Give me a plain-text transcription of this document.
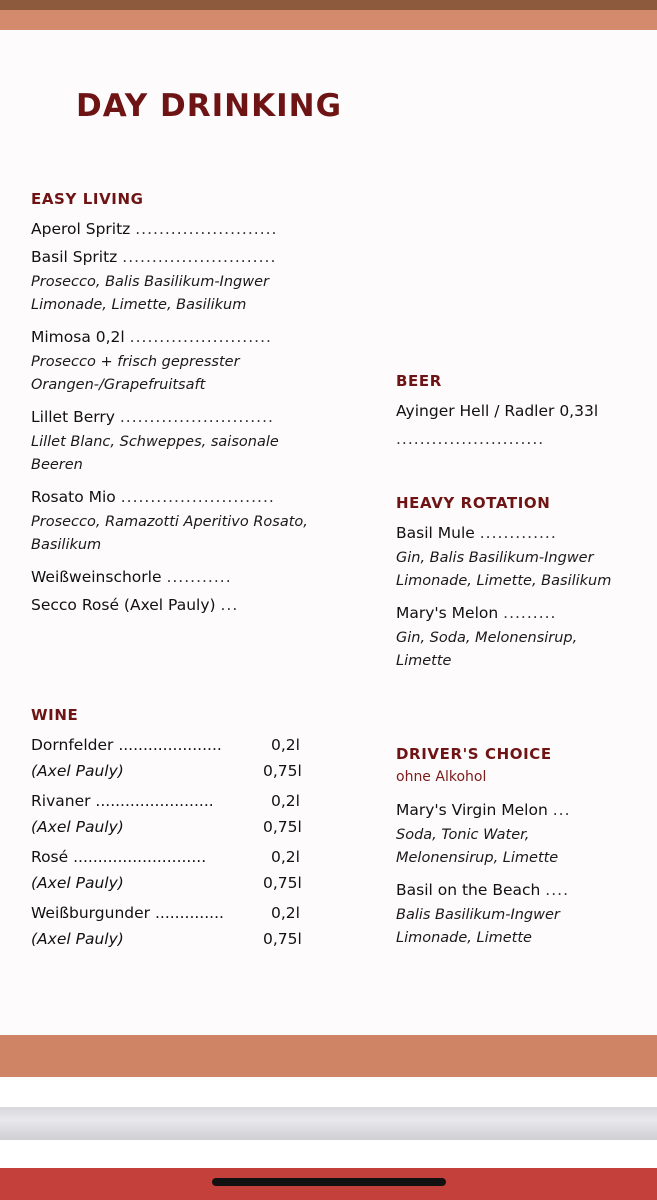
DAY DRINKING
EASY LIVING
Aperol Spritz ........................
Basil Spritz ..........................
Prosecco, Balis Basilikum-Ingwer
Limonade, Limette, Basilikum
Mimosa 0,2l ........................
Prosecco + frisch gepresster
Orangen-/Grapefruitsaft
Lillet Berry ..........................
Lillet Blanc, Schweppes, saisonale
Beeren
Rosato Mio ..........................
Prosecco, Ramazotti Aperitivo Rosato,
Basilikum
Weißweinschorle ...........
Secco Rosé (Axel Pauly) ...
BEER
Ayinger Hell / Radler 0,33l
.........................
HEAVY ROTATION
Basil Mule .............
Gin, Balis Basilikum-Ingwer
Limonade, Limette, Basilikum
Mary's Melon .........
Gin, Soda, Melonensirup,
Limette
WINE
Dornfelder .....................	0,2l
(Axel Pauly)	0,75l
Rivaner ........................	0,2l
(Axel Pauly)	0,75l
Rosé ...........................	0,2l
(Axel Pauly)	0,75l
Weißburgunder ..............	0,2l
(Axel Pauly)	0,75l
DRIVER'S CHOICE
ohne Alkohol
Mary's Virgin Melon ...
Soda, Tonic Water,
Melonensirup, Limette
Basil on the Beach ....
Balis Basilikum-Ingwer
Limonade, Limette
